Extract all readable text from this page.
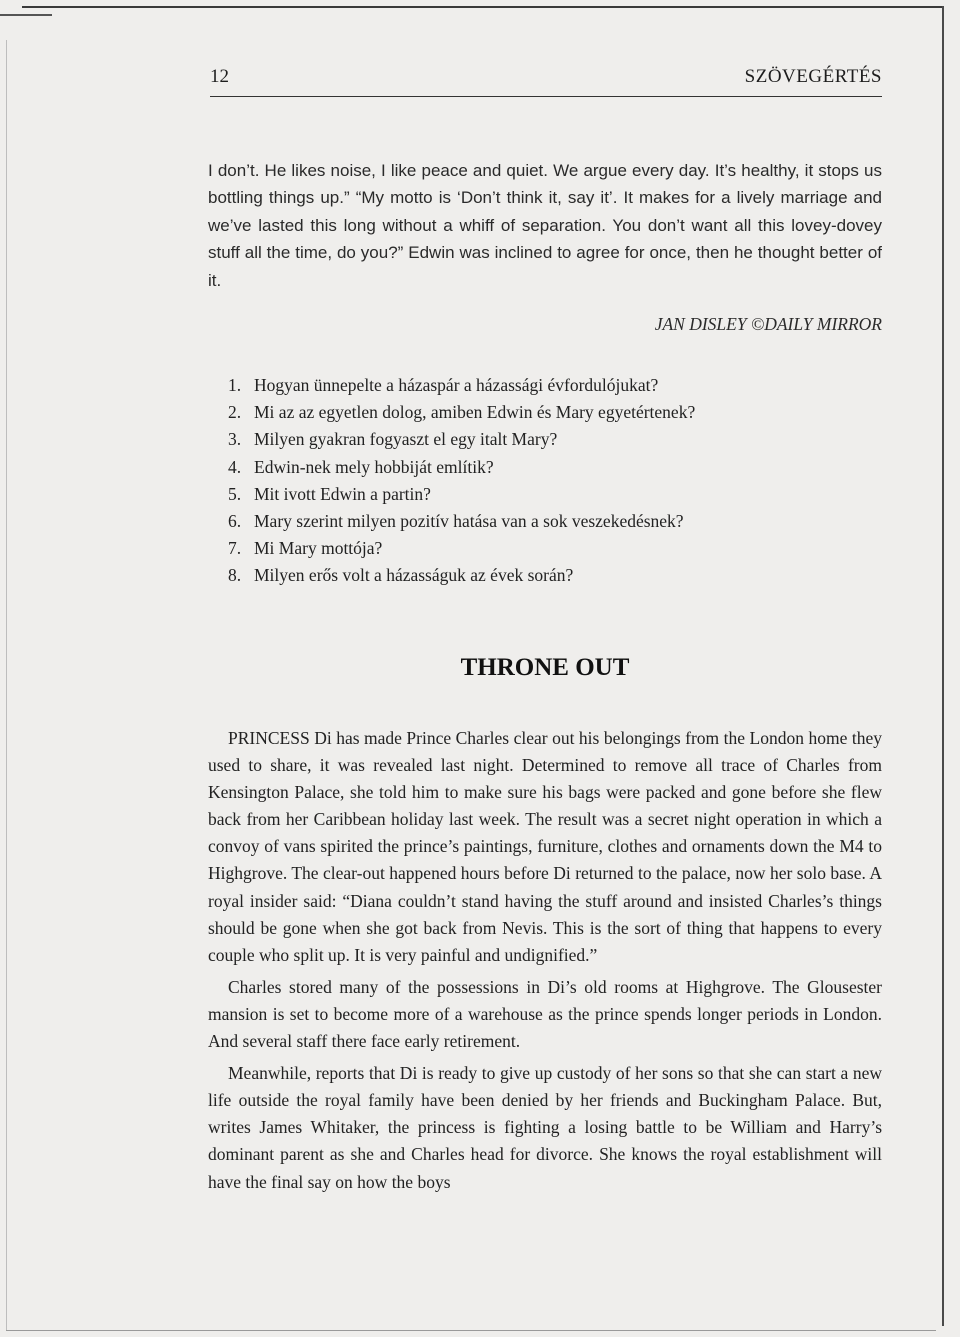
12	SZÖVEGÉRTÉS

I don’t. He likes noise, I like peace and quiet. We argue every day. It’s healthy, it stops us bottling things up.” “My motto is ‘Don’t think it, say it’. It makes for a lively marriage and we’ve lasted this long without a whiff of separation. You don’t want all this lovey-dovey stuff all the time, do you?” Edwin was inclined to agree for once, then he thought better of it.

JAN DISLEY ©DAILY MIRROR

1. Hogyan ünnepelte a házaspár a házassági évfordulójukat?
2. Mi az az egyetlen dolog, amiben Edwin és Mary egyetértenek?
3. Milyen gyakran fogyaszt el egy italt Mary?
4. Edwin-nek mely hobbiját említik?
5. Mit ivott Edwin a partin?
6. Mary szerint milyen pozitív hatása van a sok veszekedésnek?
7. Mi Mary mottója?
8. Milyen erős volt a házasságuk az évek során?
THRONE OUT

PRINCESS Di has made Prince Charles clear out his belongings from the London home they used to share, it was revealed last night. Determined to remove all trace of Charles from Kensington Palace, she told him to make sure his bags were packed and gone before she flew back from her Caribbean holiday last week. The result was a secret night operation in which a convoy of vans spirited the prince’s paintings, furniture, clothes and ornaments down the M4 to Highgrove. The clear-out happened hours before Di returned to the palace, now her solo base. A royal insider said: “Diana couldn’t stand having the stuff around and insisted Charles’s things should be gone when she got back from Nevis. This is the sort of thing that happens to every couple who split up. It is very painful and undignified.”

Charles stored many of the possessions in Di’s old rooms at Highgrove. The Glousester mansion is set to become more of a warehouse as the prince spends longer periods in London. And several staff there face early retirement.

Meanwhile, reports that Di is ready to give up custody of her sons so that she can start a new life outside the royal family have been denied by her friends and Buckingham Palace. But, writes James Whitaker, the princess is fighting a losing battle to be William and Harry’s dominant parent as she and Charles head for divorce. She knows the royal establishment will have the final say on how the boys
